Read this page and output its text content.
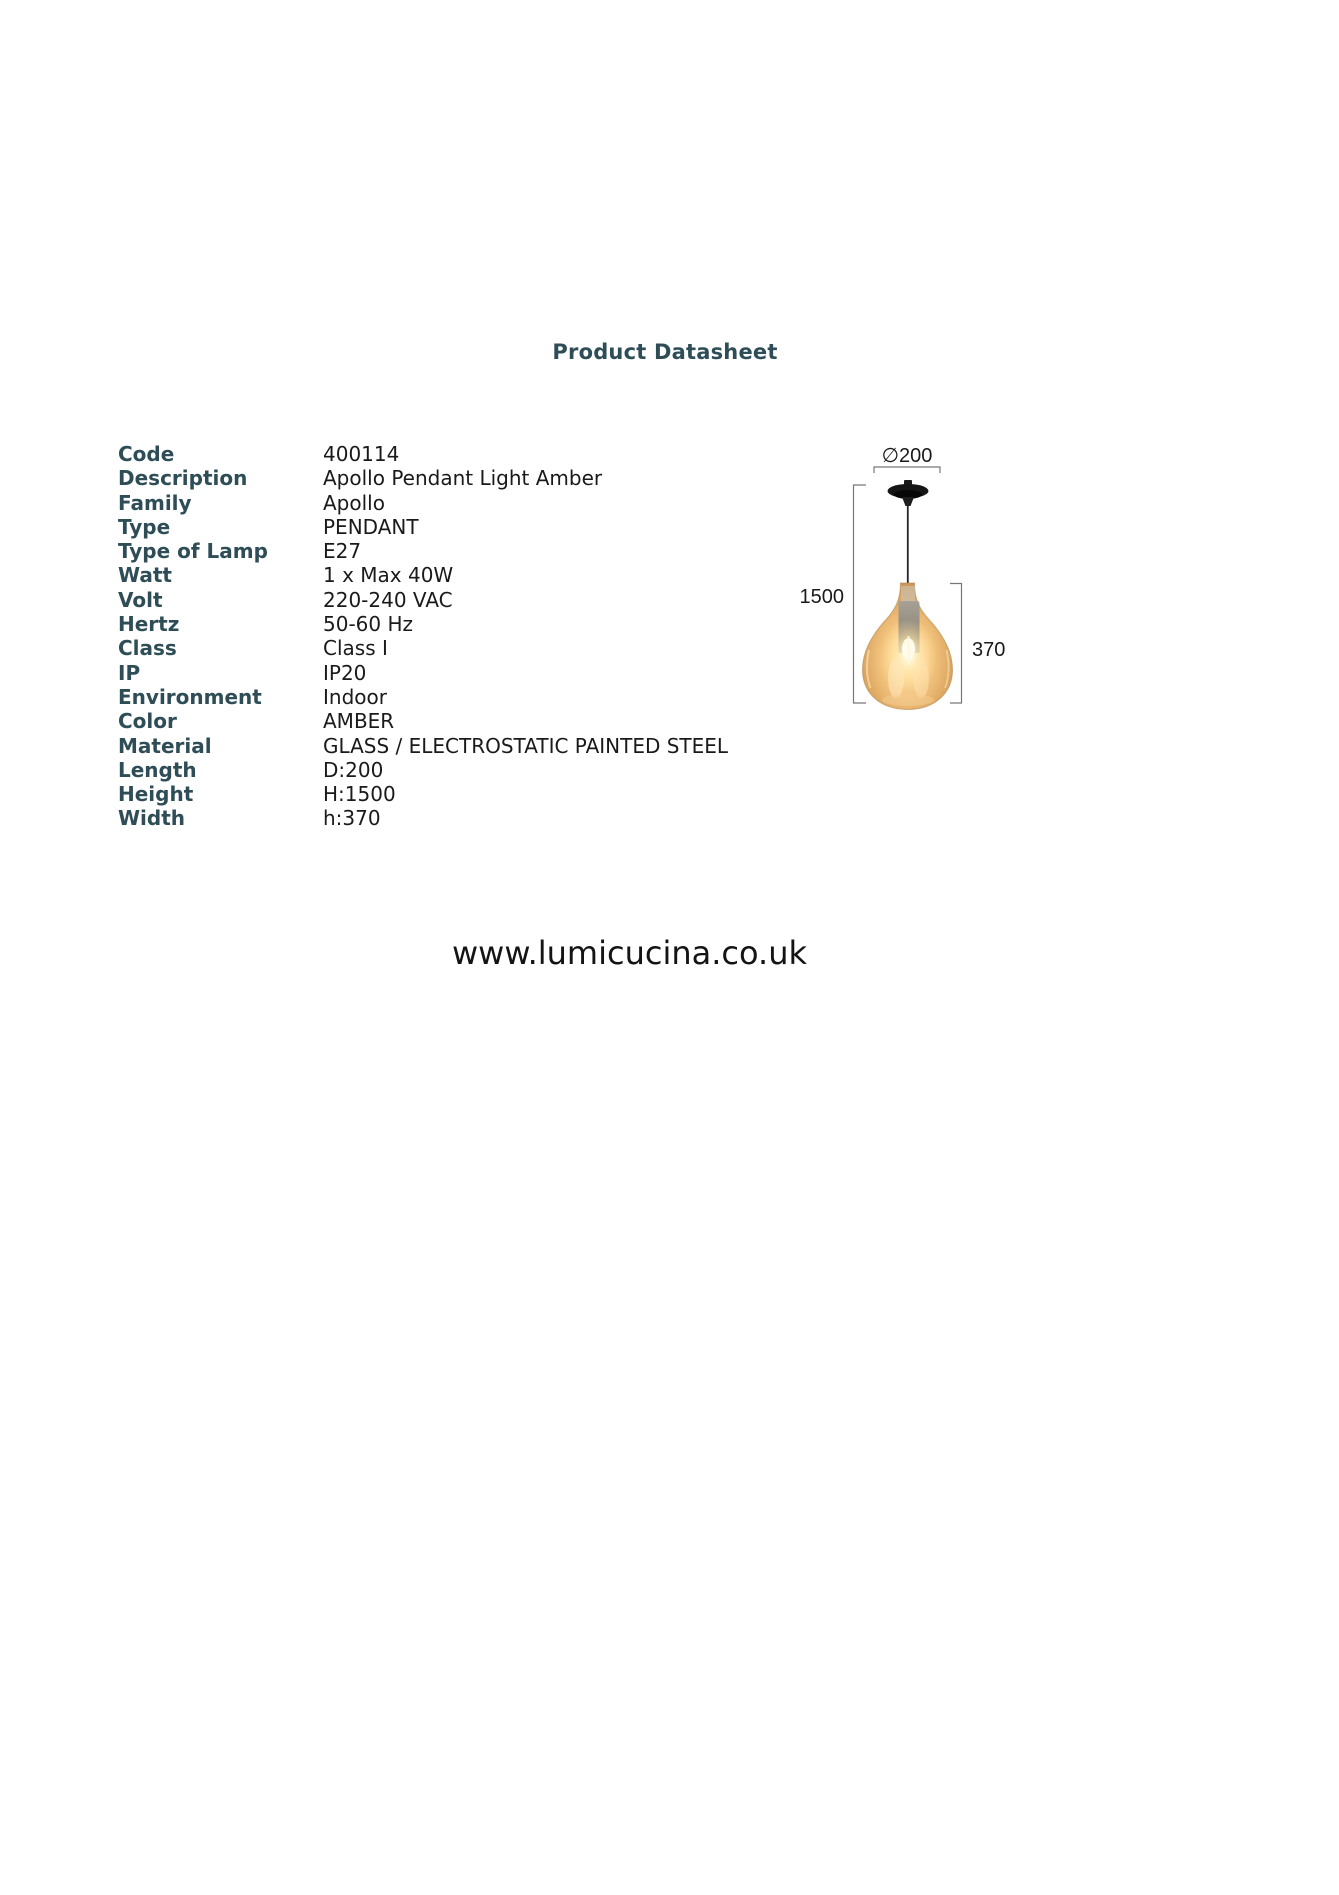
Product Datasheet
Code	400114
Description	Apollo Pendant Light Amber
Family	Apollo
Type	PENDANT
Type of Lamp	E27
Watt	1 x Max 40W
Volt	220-240 VAC
Hertz	50-60 Hz
Class	Class I
IP	IP20
Environment	Indoor
Color	AMBER
Material	GLASS / ELECTROSTATIC PAINTED STEEL
Length	D:200
Height	H:1500
Width	h:370
∅200
1500
370
www.lumicucina.co.uk
